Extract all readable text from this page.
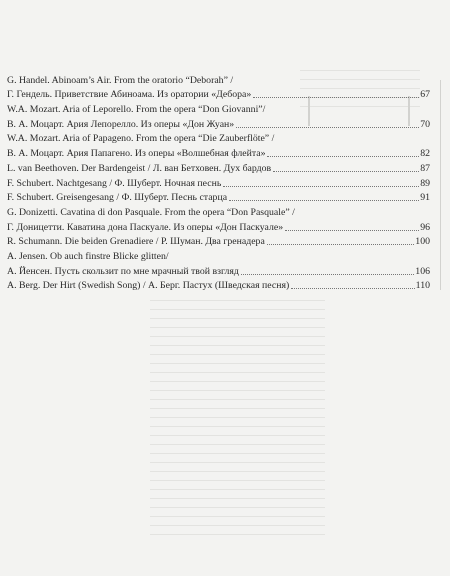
G. Handel. Abinoam’s Air. From the oratorio “Deborah” /
Г. Гендель. Приветствие Абиноама. Из оратории «Дебора»	67
W.A. Mozart. Aria of Leporello. From the opera “Don Giovanni”/
В. А. Моцарт. Ария Лепорелло. Из оперы «Дон Жуан»	70
W.A. Mozart. Aria of Papageno. From the opera “Die Zauberflöte” /
В. А. Моцарт. Ария Папагено. Из оперы «Волшебная флейта»	82
L. van Beethoven. Der Bardengeist / Л. ван Бетховен. Дух бардов	87
F. Schubert. Nachtgesang / Ф. Шуберт. Ночная песнь	89
F. Schubert. Greisengesang / Ф. Шуберт. Песнь старца	91
G. Donizetti. Cavatina di don Pasquale. From the opera “Don Pasquale” /
Г. Доницетти. Каватина дона Паскуале. Из оперы «Дон Паскуале»	96
R. Schumann. Die beiden Grenadiere / Р. Шуман. Два гренадера	100
A. Jensen. Ob auch finstre Blicke glitten/
А. Йенсен. Пусть скользит по мне мрачный твой взгляд	106
A. Berg. Der Hirt (Swedish Song) / А. Берг. Пастух (Шведская песня)	110
